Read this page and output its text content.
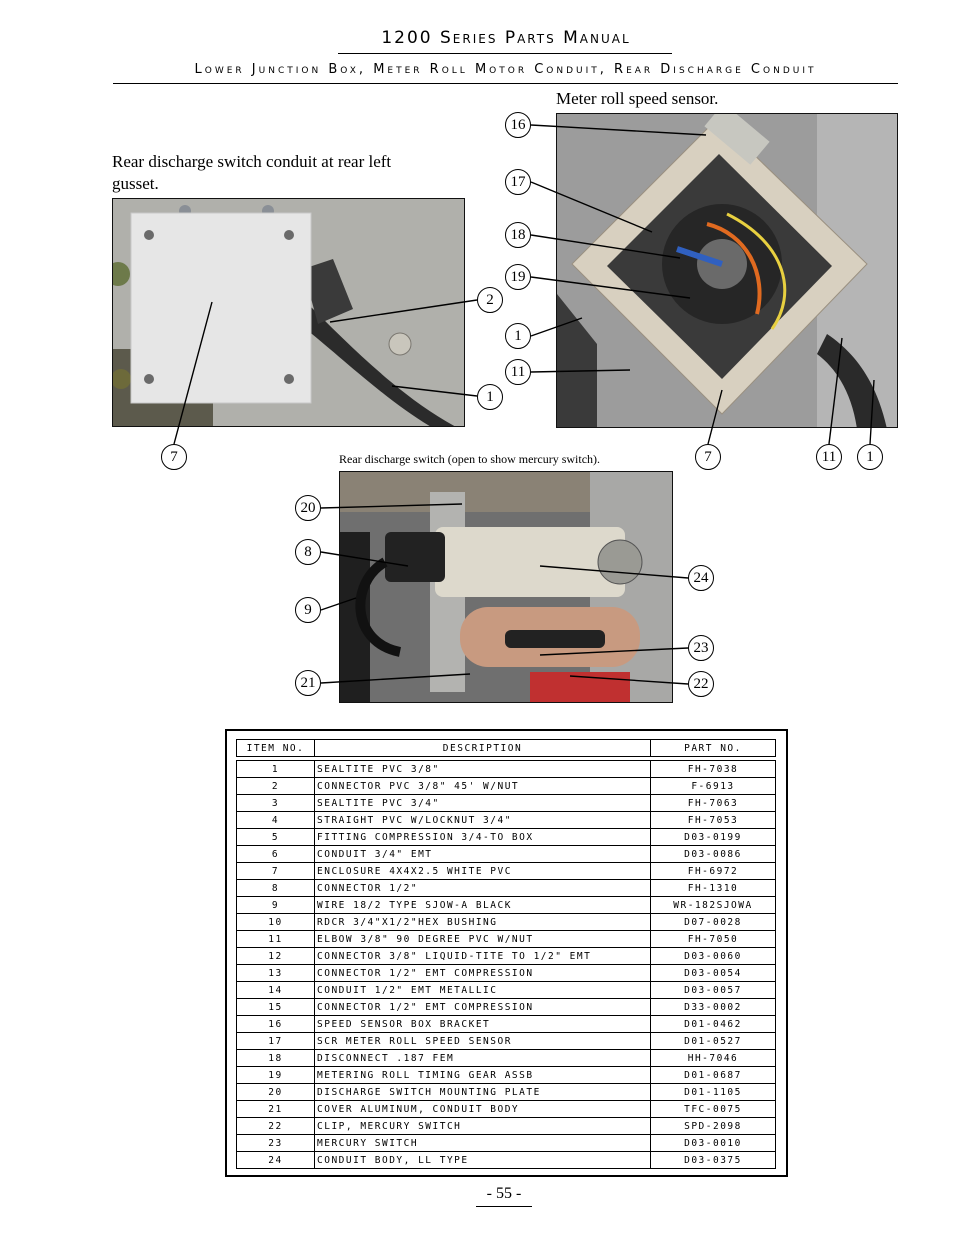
1200 Series Parts Manual
Lower Junction Box, Meter Roll Motor Conduit, Rear Discharge Conduit
Meter roll speed sensor.
Rear discharge switch conduit at rear left gusset.
Rear discharge switch (open to show mercury switch).
7
2
1
16
17
18
19
1
11
7	11	1
20
8
9
21
24
23
22
ITEM NO.	DESCRIPTION	PART NO.

1	SEALTITE PVC 3/8"	FH-7038
2	CONNECTOR PVC 3/8" 45' W/NUT	F-6913
3	SEALTITE PVC 3/4"	FH-7063
4	STRAIGHT PVC W/LOCKNUT 3/4"	FH-7053
5	FITTING COMPRESSION 3/4-TO BOX	D03-0199
6	CONDUIT 3/4" EMT	D03-0086
7	ENCLOSURE 4X4X2.5 WHITE PVC	FH-6972
8	CONNECTOR 1/2"	FH-1310
9	WIRE 18/2 TYPE SJOW-A BLACK	WR-182SJOWA
10	RDCR 3/4"X1/2"HEX BUSHING	D07-0028
11	ELBOW 3/8" 90 DEGREE PVC W/NUT	FH-7050
12	CONNECTOR 3/8" LIQUID-TITE TO 1/2" EMT	D03-0060
13	CONNECTOR 1/2" EMT COMPRESSION	D03-0054
14	CONDUIT 1/2" EMT METALLIC	D03-0057
15	CONNECTOR 1/2" EMT COMPRESSION	D33-0002
16	SPEED SENSOR BOX BRACKET	D01-0462
17	SCR METER ROLL SPEED SENSOR	D01-0527
18	DISCONNECT .187 FEM	HH-7046
19	METERING ROLL TIMING GEAR ASSB	D01-0687
20	DISCHARGE SWITCH MOUNTING PLATE	D01-1105
21	COVER ALUMINUM, CONDUIT BODY	TFC-0075
22	CLIP, MERCURY SWITCH	SPD-2098
23	MERCURY SWITCH	D03-0010
24	CONDUIT BODY, LL TYPE	D03-0375
- 55 -
